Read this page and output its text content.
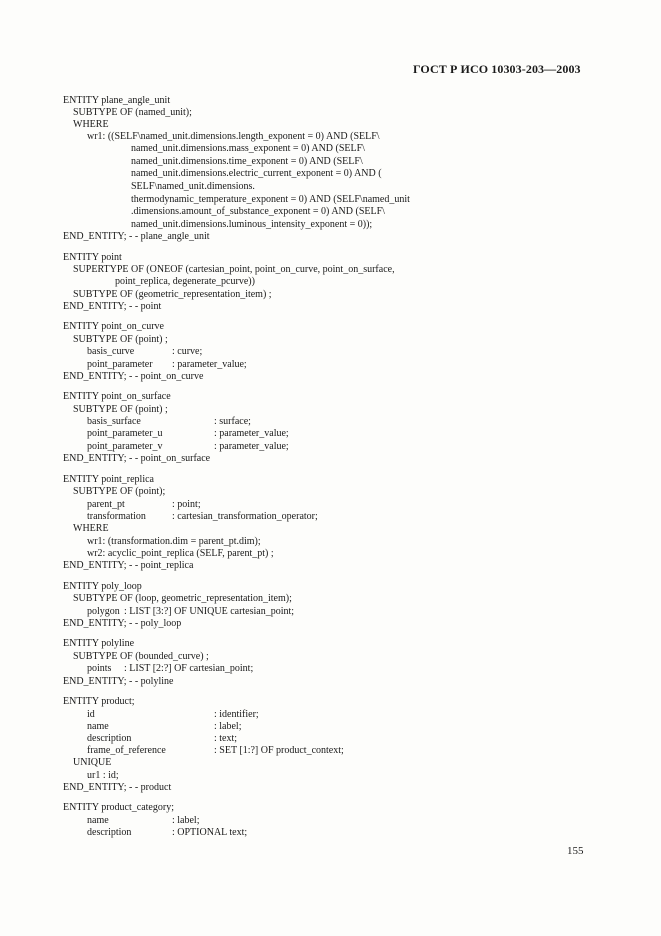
ГОСТ Р ИСО 10303-203—2003
ENTITY plane_angle_unit
SUBTYPE OF (named_unit);
WHERE
wr1: ((SELF\named_unit.dimensions.length_exponent = 0) AND (SELF\
named_unit.dimensions.mass_exponent = 0) AND (SELF\
named_unit.dimensions.time_exponent = 0) AND (SELF\
named_unit.dimensions.electric_current_exponent = 0) AND (
SELF\named_unit.dimensions.
thermodynamic_temperature_exponent = 0) AND (SELF\named_unit
.dimensions.amount_of_substance_exponent = 0) AND (SELF\
named_unit.dimensions.luminous_intensity_exponent = 0));
END_ENTITY; - - plane_angle_unit
ENTITY point
SUPERTYPE OF (ONEOF (cartesian_point, point_on_curve, point_on_surface,
point_replica, degenerate_pcurve))
SUBTYPE OF (geometric_representation_item) ;
END_ENTITY; - - point
ENTITY point_on_curve
SUBTYPE OF (point) ;
basis_curve	: curve;
point_parameter : parameter_value;
END_ENTITY; - - point_on_curve
ENTITY point_on_surface
SUBTYPE OF (point) ;
basis_surface	: surface;
point_parameter_u	: parameter_value;
point_parameter_v	: parameter_value;
END_ENTITY; - - point_on_surface
ENTITY point_replica
SUBTYPE OF (point);
parent_pt	: point;
transformation	: cartesian_transformation_operator;
WHERE
wr1: (transformation.dim = parent_pt.dim);
wr2: acyclic_point_replica (SELF, parent_pt) ;
END_ENTITY; - - point_replica
ENTITY poly_loop
SUBTYPE OF (loop, geometric_representation_item);
polygon : LIST [3:?] OF UNIQUE cartesian_point;
END_ENTITY; - - poly_loop
ENTITY polyline
SUBTYPE OF (bounded_curve) ;
points : LIST [2:?] OF cartesian_point;
END_ENTITY; - - polyline
ENTITY product;
id	: identifier;
name	: label;
description	: text;
frame_of_reference	: SET [1:?] OF product_context;
UNIQUE
ur1 : id;
END_ENTITY; - - product
ENTITY product_category;
name	: label;
description	: OPTIONAL text;
155
